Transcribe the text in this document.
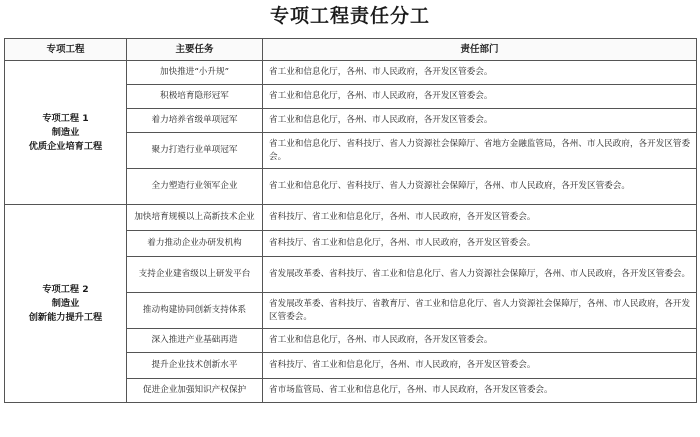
专项工程责任分工
专项工程	主要任务	责任部门

专项工程 1
制造业
优质企业培育工程	加快推进“小升规”	省工业和信息化厅，各州、市人民政府，各开发区管委会。
	积极培育隐形冠军	省工业和信息化厅，各州、市人民政府，各开发区管委会。
	着力培养省级单项冠军	省工业和信息化厅，各州、市人民政府，各开发区管委会。
	聚力打造行业单项冠军	省工业和信息化厅、省科技厅、省人力资源社会保障厅、省地方金融监管局，各州、市人民政府，各开发区管委会。
	全力塑造行业领军企业	省工业和信息化厅、省科技厅、省人力资源社会保障厅，各州、市人民政府，各开发区管委会。

专项工程 2
制造业
创新能力提升工程	加快培育规模以上高新技术企业	省科技厅、省工业和信息化厅，各州、市人民政府，各开发区管委会。
	着力推动企业办研发机构	省科技厅、省工业和信息化厅，各州、市人民政府，各开发区管委会。
	支持企业建省级以上研发平台	省发展改革委、省科技厅、省工业和信息化厅、省人力资源社会保障厅，各州、市人民政府，各开发区管委会。
	推动构建协同创新支持体系	省发展改革委、省科技厅、省教育厅、省工业和信息化厅、省人力资源社会保障厅，各州、市人民政府，各开发区管委会。
	深入推进产业基础再造	省工业和信息化厅，各州、市人民政府，各开发区管委会。
	提升企业技术创新水平	省科技厅、省工业和信息化厅，各州、市人民政府，各开发区管委会。
	促进企业加强知识产权保护	省市场监管局、省工业和信息化厅，各州、市人民政府，各开发区管委会。
